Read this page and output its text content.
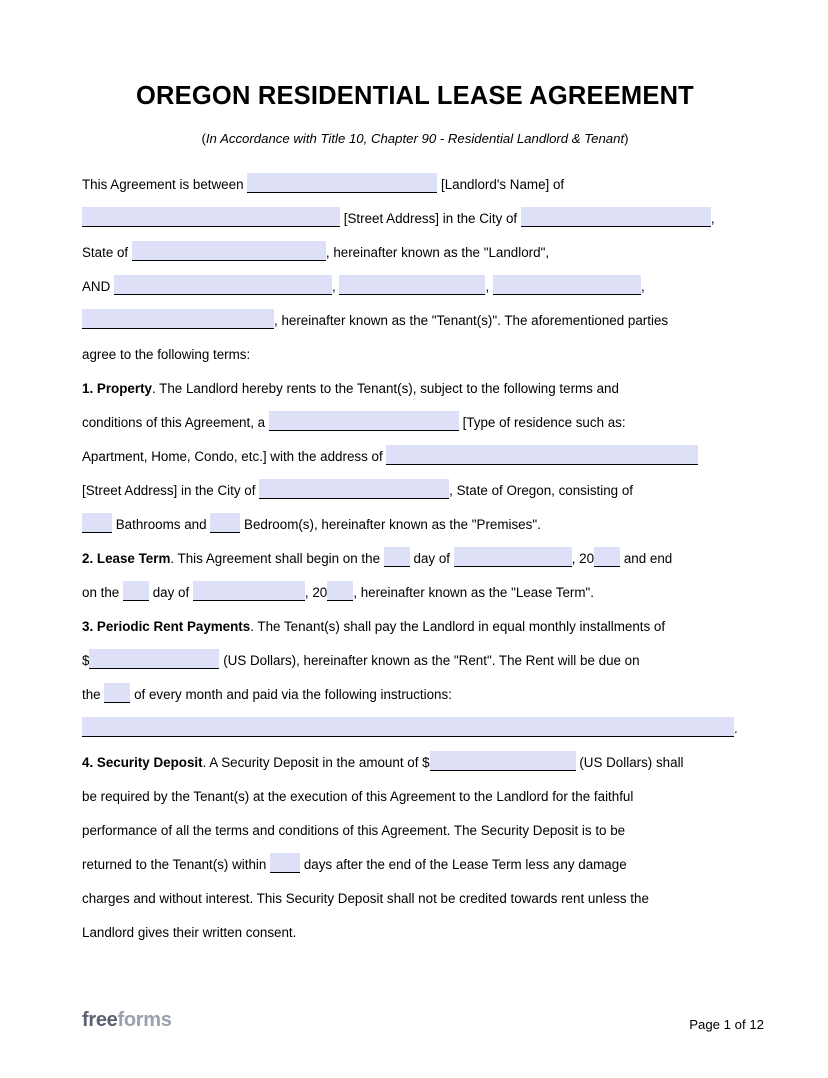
OREGON RESIDENTIAL LEASE AGREEMENT
(In Accordance with Title 10, Chapter 90 - Residential Landlord & Tenant)

This Agreement is between	[Landlord's Name] of
[Street Address] in the City of	,
State of	, hereinafter known as the "Landlord",
AND	,	,	,
, hereinafter known as the "Tenant(s)". The aforementioned parties
agree to the following terms:

1. Property. The Landlord hereby rents to the Tenant(s), subject to the following terms and
conditions of this Agreement, a	[Type of residence such as:
Apartment, Home, Condo, etc.] with the address of
[Street Address] in the City of	, State of Oregon, consisting of
Bathrooms and	Bedroom(s), hereinafter known as the "Premises".

2. Lease Term. This Agreement shall begin on the day of	, 20 and end
on the day of	, 20 , hereinafter known as the "Lease Term".

3. Periodic Rent Payments. The Tenant(s) shall pay the Landlord in equal monthly installments of
$	(US Dollars), hereinafter known as the "Rent". The Rent will be due on
the of every month and paid via the following instructions:
.

4. Security Deposit. A Security Deposit in the amount of $	(US Dollars) shall
be required by the Tenant(s) at the execution of this Agreement to the Landlord for the faithful
performance of all the terms and conditions of this Agreement. The Security Deposit is to be
returned to the Tenant(s) within	days after the end of the Lease Term less any damage
charges and without interest. This Security Deposit shall not be credited towards rent unless the
Landlord gives their written consent.

freeforms	Page 1 of 12
